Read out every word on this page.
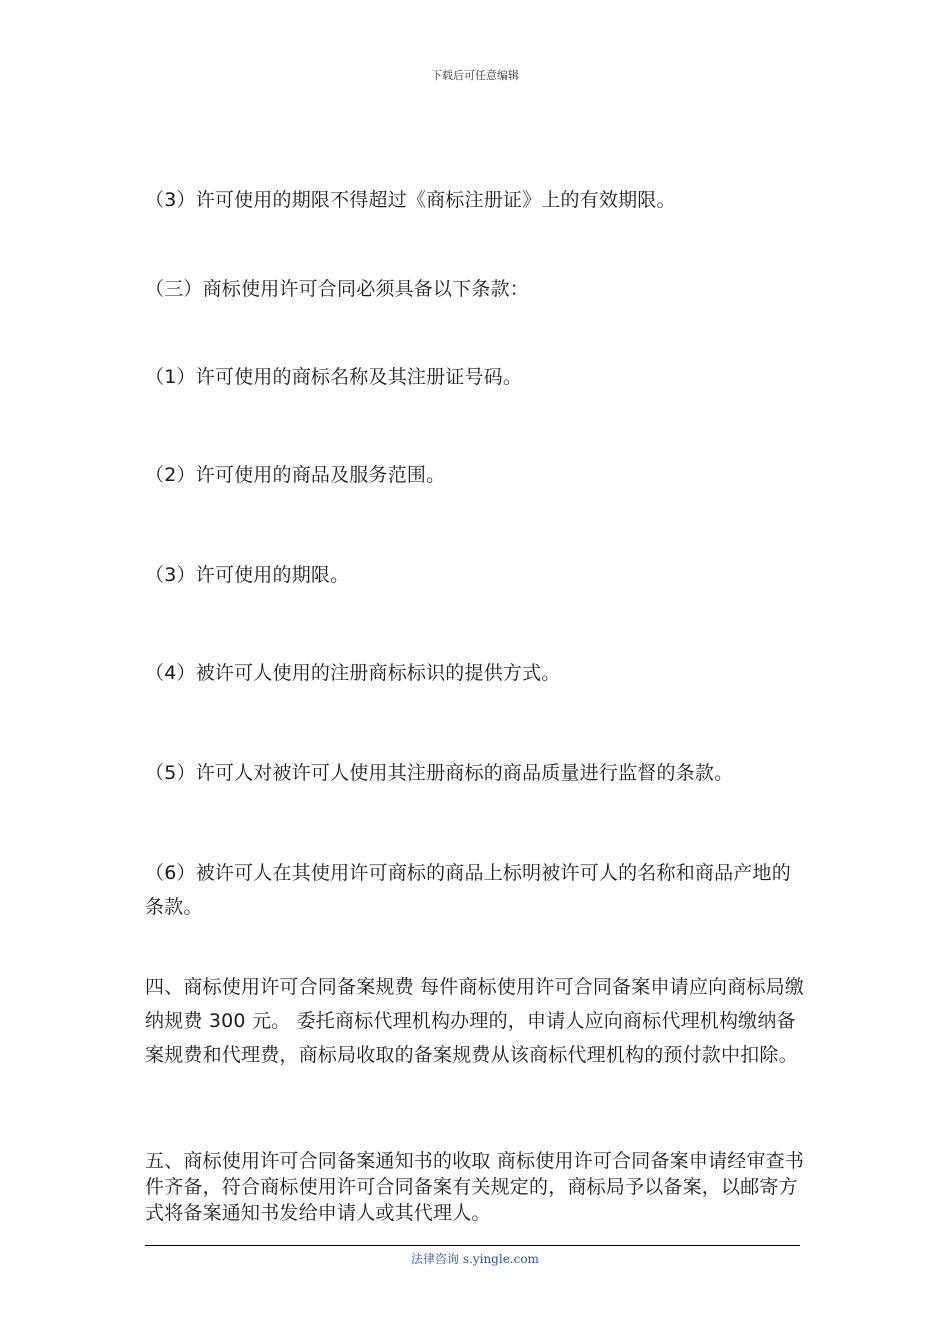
下载后可任意编辑

（3）许可使用的期限不得超过《商标注册证》上的有效期限。

（三）商标使用许可合同必须具备以下条款：

（1）许可使用的商标名称及其注册证号码。

（2）许可使用的商品及服务范围。

（3）许可使用的期限。

（4）被许可人使用的注册商标标识的提供方式。

（5）许可人对被许可人使用其注册商标的商品质量进行监督的条款。

（6）被许可人在其使用许可商标的商品上标明被许可人的名称和商品产地的条款。

四、商标使用许可合同备案规费 每件商标使用许可合同备案申请应向商标局缴纳规费 300 元。 委托商标代理机构办理的，申请人应向商标代理机构缴纳备案规费和代理费，商标局收取的备案规费从该商标代理机构的预付款中扣除。

五、商标使用许可合同备案通知书的收取 商标使用许可合同备案申请经审查书件齐备，符合商标使用许可合同备案有关规定的，商标局予以备案，以邮寄方式将备案通知书发给申请人或其代理人。

法律咨询 s.yingle.com
